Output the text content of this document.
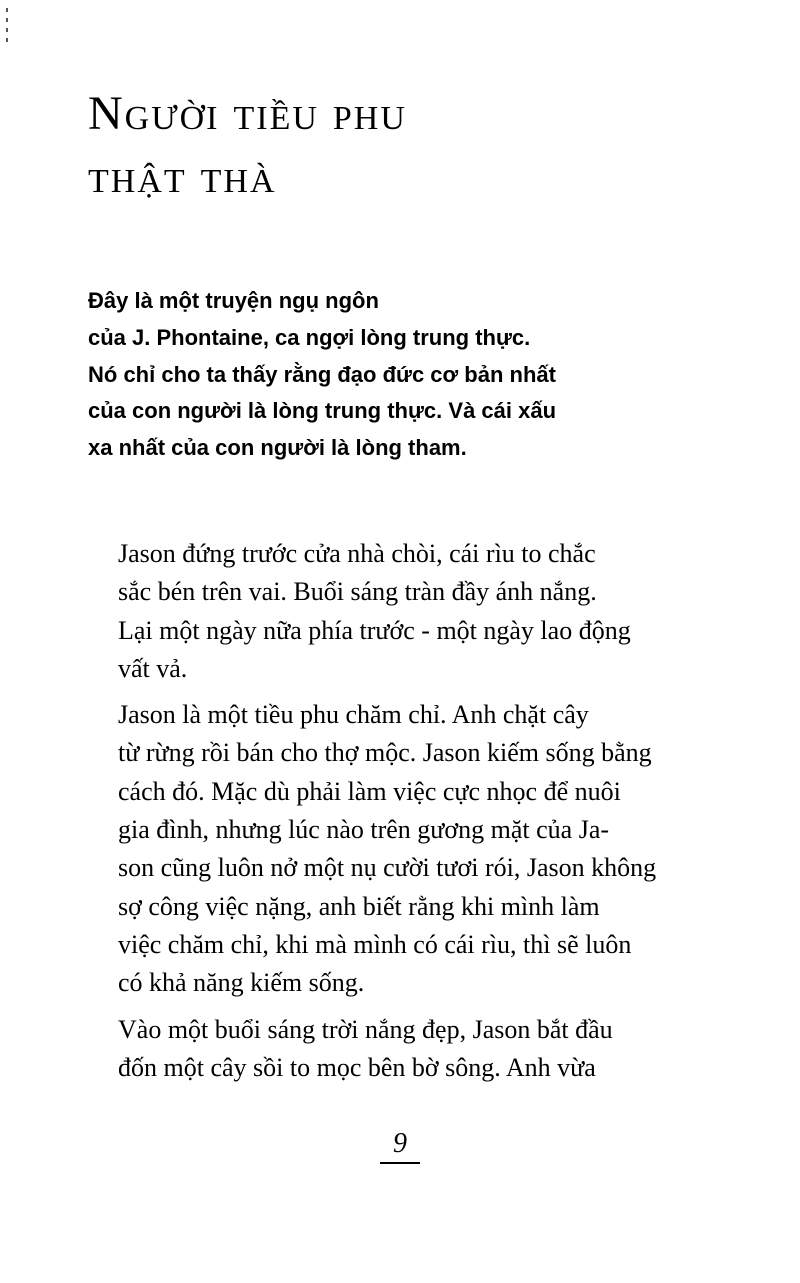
Người tiều phu
thật thà
Đây là một truyện ngụ ngôn
của J. Phontaine, ca ngợi lòng trung thực.
Nó chỉ cho ta thấy rằng đạo đức cơ bản nhất
của con người là lòng trung thực. Và cái xấu
xa nhất của con người là lòng tham.

Jason đứng trước cửa nhà chòi, cái rìu to chắc
sắc bén trên vai. Buổi sáng tràn đầy ánh nắng.
Lại một ngày nữa phía trước - một ngày lao động
vất vả.

Jason là một tiều phu chăm chỉ. Anh chặt cây
từ rừng rồi bán cho thợ mộc. Jason kiếm sống bằng
cách đó. Mặc dù phải làm việc cực nhọc để nuôi
gia đình, nhưng lúc nào trên gương mặt của Ja-
son cũng luôn nở một nụ cười tươi rói, Jason không
sợ công việc nặng, anh biết rằng khi mình làm
việc chăm chỉ, khi mà mình có cái rìu, thì sẽ luôn
có khả năng kiếm sống.

Vào một buổi sáng trời nắng đẹp, Jason bắt đầu
đốn một cây sồi to mọc bên bờ sông. Anh vừa

9
